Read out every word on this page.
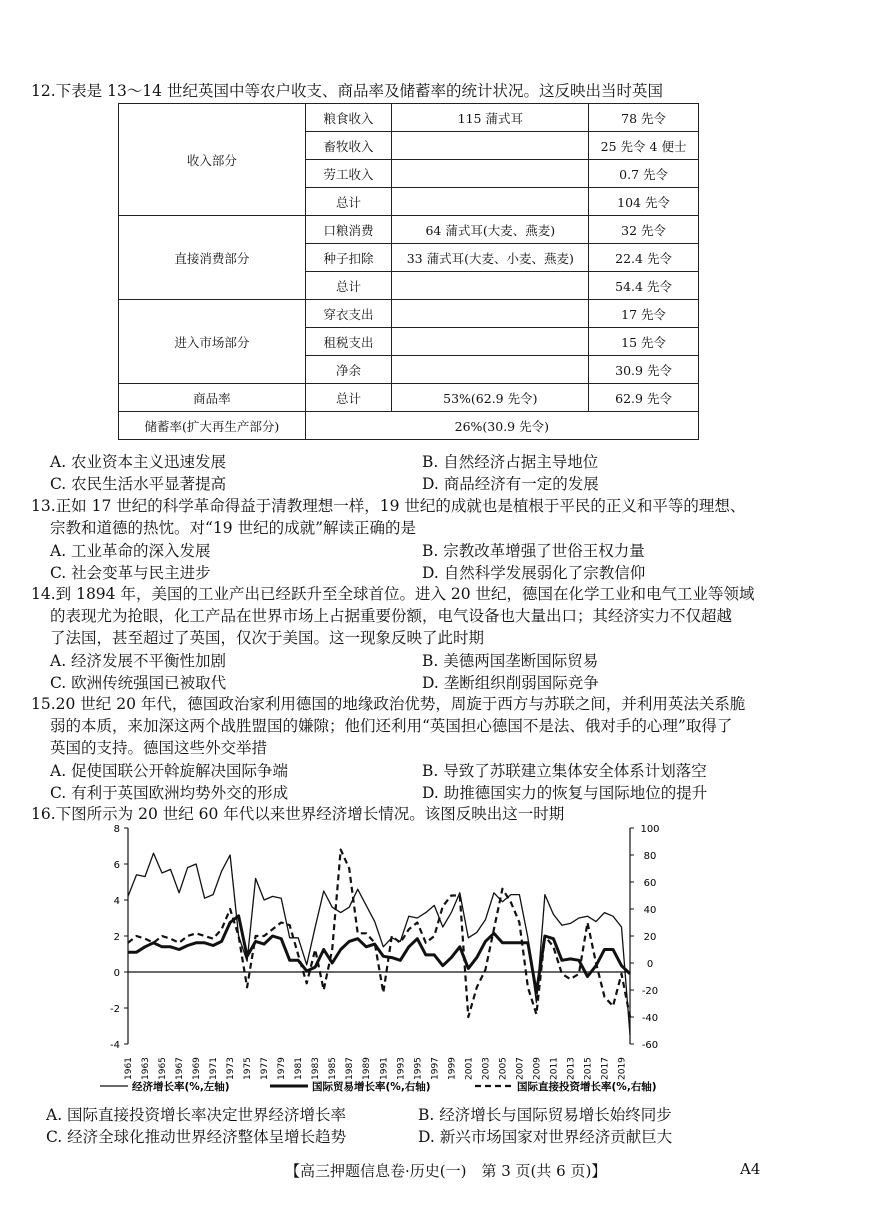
12.下表是 13～14 世纪英国中等农户收支、商品率及储蓄率的统计状况。这反映出当时英国
收入部分	粮食收入	115 蒲式耳	78 先令
	畜牧收入		25 先令 4 便士
	劳工收入		0.7 先令
	总计		104 先令
直接消费部分	口粮消费	64 蒲式耳(大麦、燕麦)	32 先令
	种子扣除	33 蒲式耳(大麦、小麦、燕麦)	22.4 先令
	总计		54.4 先令
进入市场部分	穿衣支出		17 先令
	租税支出		15 先令
	净余		30.9 先令
商品率	总计	53%(62.9 先令)	62.9 先令
储蓄率(扩大再生产部分)	26%(30.9 先令)		
A. 农业资本主义迅速发展	B. 自然经济占据主导地位
C. 农民生活水平显著提高	D. 商品经济有一定的发展
13.正如 17 世纪的科学革命得益于清教理想一样，19 世纪的成就也是植根于平民的正义和平等的理想、
宗教和道德的热忱。对“19 世纪的成就”解读正确的是
A. 工业革命的深入发展	B. 宗教改革增强了世俗王权力量
C. 社会变革与民主进步	D. 自然科学发展弱化了宗教信仰
14.到 1894 年，美国的工业产出已经跃升至全球首位。进入 20 世纪，德国在化学工业和电气工业等领域
的表现尤为抢眼，化工产品在世界市场上占据重要份额，电气设备也大量出口；其经济实力不仅超越
了法国，甚至超过了英国，仅次于美国。这一现象反映了此时期
A. 经济发展不平衡性加剧	B. 美德两国垄断国际贸易
C. 欧洲传统强国已被取代	D. 垄断组织削弱国际竞争
15.20 世纪 20 年代，德国政治家利用德国的地缘政治优势，周旋于西方与苏联之间，并利用英法关系脆
弱的本质，来加深这两个战胜盟国的嫌隙；他们还利用“英国担心德国不是法、俄对手的心理”取得了
英国的支持。德国这些外交举措
A. 促使国联公开斡旋解决国际争端	B. 导致了苏联建立集体安全体系计划落空
C. 有利于英国欧洲均势外交的形成	D. 助推德国实力的恢复与国际地位的提升
16.下图所示为 20 世纪 60 年代以来世界经济增长情况。该图反映出这一时期
8
6
4
2
0
-2
-4
100
80
60
40
20
0
-20
-40
-60
1961 1963 1965 1967 1969 1971 1973 1975 1977 1979 1981 1983 1985 1987 1989 1991 1993 1995 1997 1999 2001 2003 2005 2007 2009 2011 2013 2015 2017 2019
经济增长率(%,左轴)	国际贸易增长率(%,右轴)	国际直接投资增长率(%,右轴)
A. 国际直接投资增长率决定世界经济增长率	B. 经济增长与国际贸易增长始终同步
C. 经济全球化推动世界经济整体呈增长趋势	D. 新兴市场国家对世界经济贡献巨大
【高三押题信息卷·历史(一)　第 3 页(共 6 页)】	A4
